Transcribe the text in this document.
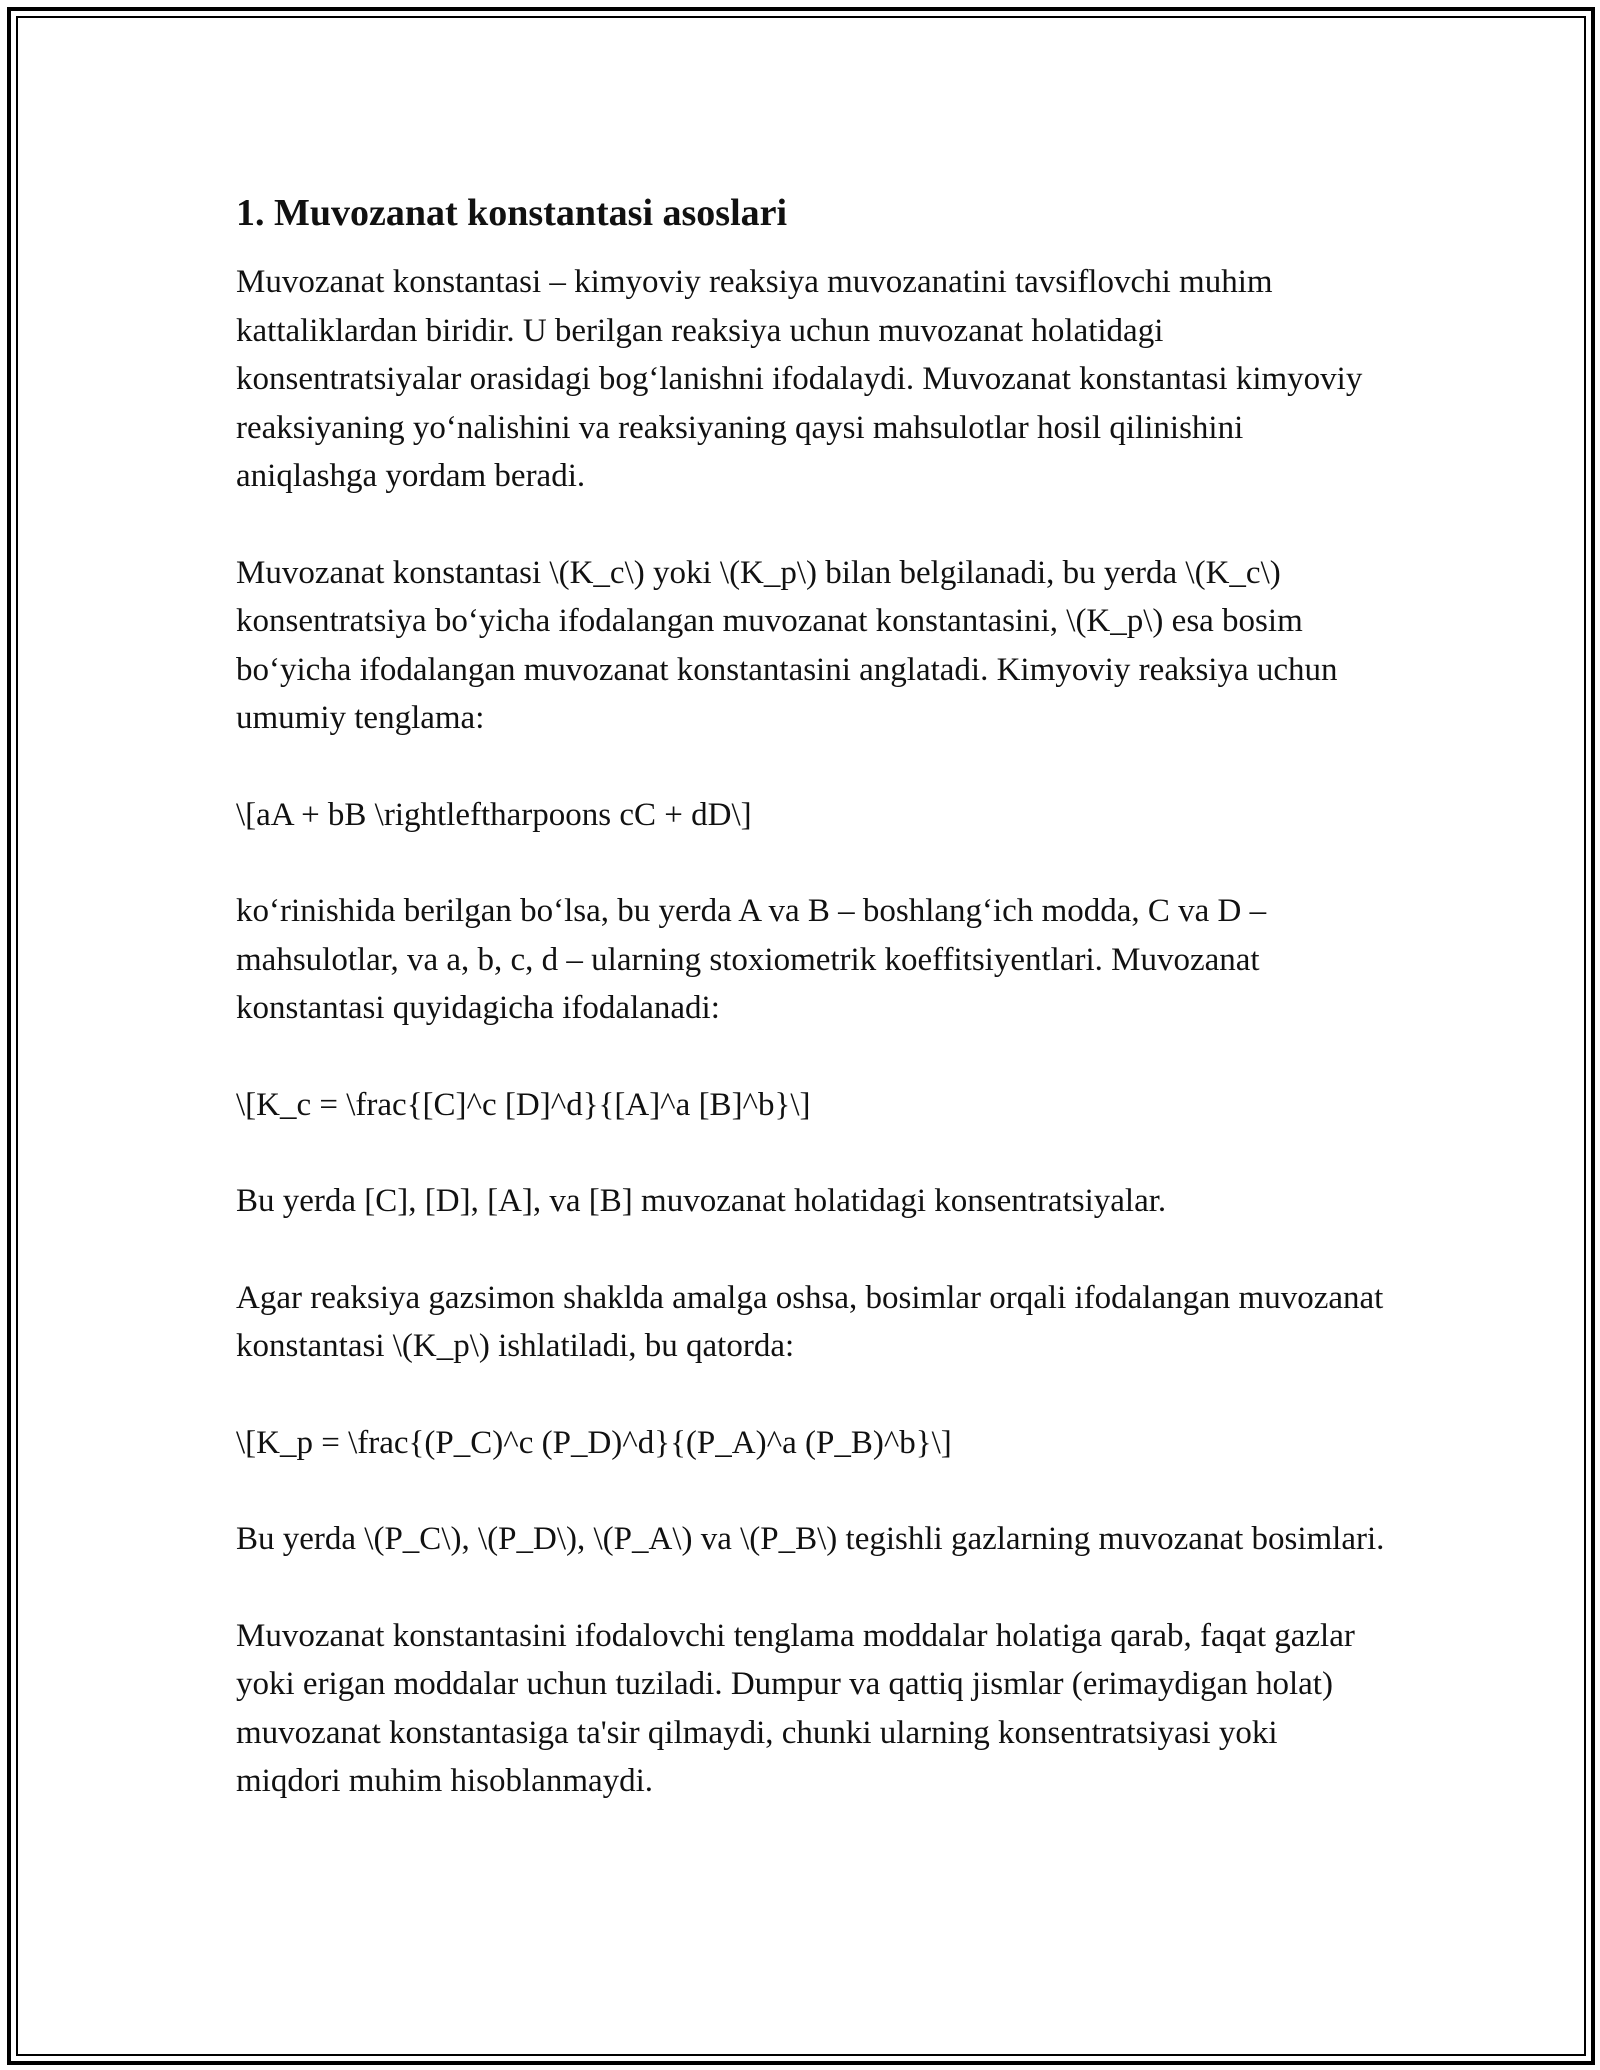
1. Muvozanat konstantasi asoslari

Muvozanat konstantasi – kimyoviy reaksiya muvozanatini tavsiflovchi muhim kattaliklardan biridir. U berilgan reaksiya uchun muvozanat holatidagi konsentratsiyalar orasidagi bog‘lanishni ifodalaydi. Muvozanat konstantasi kimyoviy reaksiyaning yo‘nalishini va reaksiyaning qaysi mahsulotlar hosil qilinishini aniqlashga yordam beradi.

Muvozanat konstantasi \(K_c\) yoki \(K_p\) bilan belgilanadi, bu yerda \(K_c\) konsentratsiya bo‘yicha ifodalangan muvozanat konstantasini, \(K_p\) esa bosim bo‘yicha ifodalangan muvozanat konstantasini anglatadi. Kimyoviy reaksiya uchun umumiy tenglama:

\[aA + bB \rightleftharpoons cC + dD\]

ko‘rinishida berilgan bo‘lsa, bu yerda A va B – boshlang‘ich modda, C va D – mahsulotlar, va a, b, c, d – ularning stoxiometrik koeffitsiyentlari. Muvozanat konstantasi quyidagicha ifodalanadi:

\[K_c = \frac{[C]^c [D]^d}{[A]^a [B]^b}\]

Bu yerda [C], [D], [A], va [B] muvozanat holatidagi konsentratsiyalar.

Agar reaksiya gazsimon shakldа amalga oshsa, bosimlar orqali ifodalangan muvozanat konstantasi \(K_p\) ishlatiladi, bu qatorda:

\[K_p = \frac{(P_C)^c (P_D)^d}{(P_A)^a (P_B)^b}\]

Bu yerda \(P_C\), \(P_D\), \(P_A\) va \(P_B\) tegishli gazlarning muvozanat bosimlari.

Muvozanat konstantasini ifodalovchi tenglama moddalar holatiga qarab, faqat gazlar yoki erigan moddalar uchun tuziladi. Dumpur va qattiq jismlar (erimaydigan holat) muvozanat konstantasiga ta'sir qilmaydi, chunki ularning konsentratsiyasi yoki miqdori muhim hisoblanmaydi.
